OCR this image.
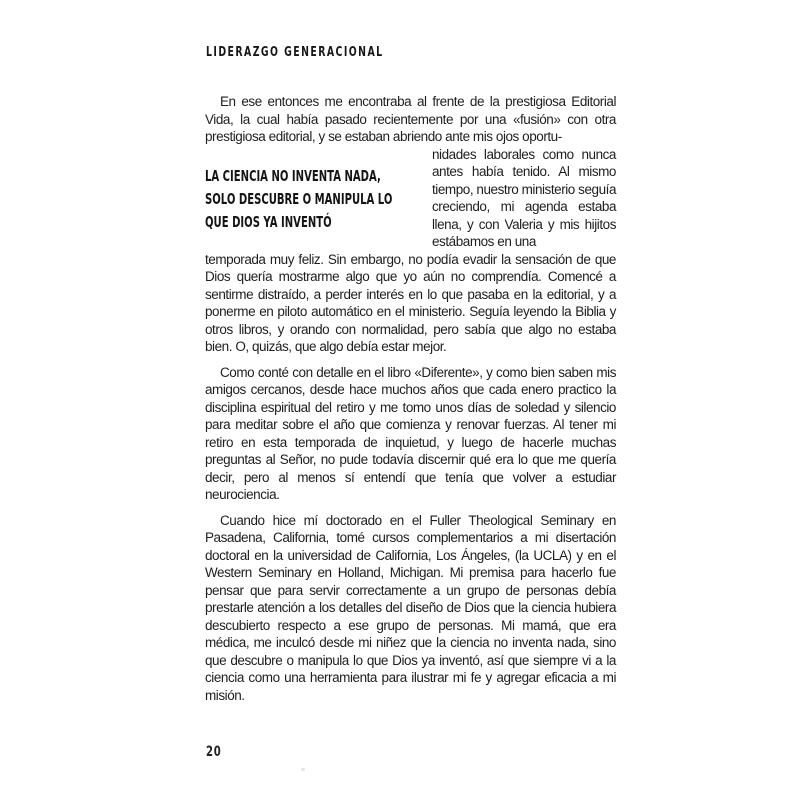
LIDERAZGO GENERACIONAL

En ese entonces me encontraba al frente de la prestigiosa Editorial Vida, la cual había pasado recientemente por una «fusión» con otra prestigiosa editorial, y se estaban abriendo ante mis ojos oportu-

LA CIENCIA NO INVENTA NADA,
SOLO DESCUBRE O MANIPULA LO
QUE DIOS YA INVENTÓ
nidades laborales como nunca antes había tenido. Al mismo tiempo, nuestro ministerio seguía creciendo, mi agenda estaba llena, y con Valeria y mis hijitos estábamos en una

temporada muy feliz. Sin embargo, no podía evadir la sensación de que Dios quería mostrarme algo que yo aún no comprendía. Comencé a sentirme distraído, a perder interés en lo que pasaba en la editorial, y a ponerme en piloto automático en el ministerio. Seguía leyendo la Biblia y otros libros, y orando con normalidad, pero sabía que algo no estaba bien. O, quizás, que algo debía estar mejor.

Como conté con detalle en el libro «Diferente», y como bien saben mis amigos cercanos, desde hace muchos años que cada enero practico la disciplina espiritual del retiro y me tomo unos días de soledad y silencio para meditar sobre el año que comienza y renovar fuerzas. Al tener mi retiro en esta temporada de inquietud, y luego de hacerle muchas preguntas al Señor, no pude todavía discernir qué era lo que me quería decir, pero al menos sí entendí que tenía que volver a estudiar neurociencia.

Cuando hice mí doctorado en el Fuller Theological Seminary en Pasadena, California, tomé cursos complementarios a mi disertación doctoral en la universidad de California, Los Ángeles, (la UCLA) y en el Western Seminary en Holland, Michigan. Mi premisa para hacerlo fue pensar que para servir correctamente a un grupo de personas debía prestarle atención a los detalles del diseño de Dios que la ciencia hubiera descubierto respecto a ese grupo de personas. Mi mamá, que era médica, me inculcó desde mi niñez que la ciencia no inventa nada, sino que descubre o manipula lo que Dios ya inventó, así que siempre vi a la ciencia como una herramienta para ilustrar mi fe y agregar eficacia a mi misión.

20
